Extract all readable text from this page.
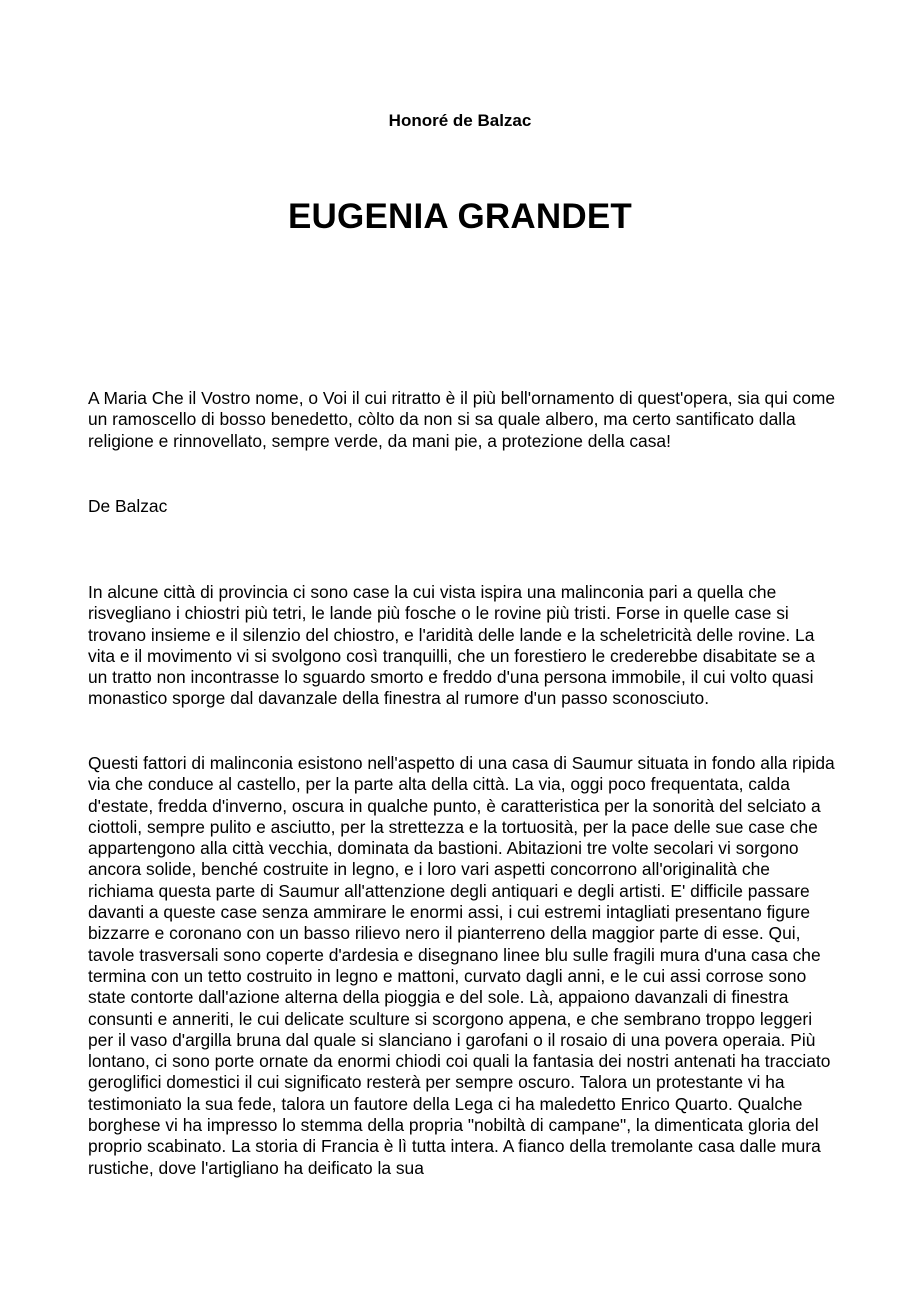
Honoré de Balzac
EUGENIA GRANDET

A Maria Che il Vostro nome, o Voi il cui ritratto è il più bell'ornamento di quest'opera, sia qui come un ramoscello di bosso benedetto, còlto da non si sa quale albero, ma certo santificato dalla religione e rinnovellato, sempre verde, da mani pie, a protezione della casa!

De Balzac

In alcune città di provincia ci sono case la cui vista ispira una malinconia pari a quella che risvegliano i chiostri più tetri, le lande più fosche o le rovine più tristi. Forse in quelle case si trovano insieme e il silenzio del chiostro, e l'aridità delle lande e la scheletricità delle rovine. La vita e il movimento vi si svolgono così tranquilli, che un forestiero le crederebbe disabitate se a un tratto non incontrasse lo sguardo smorto e freddo d'una persona immobile, il cui volto quasi monastico sporge dal davanzale della finestra al rumore d'un passo sconosciuto.

Questi fattori di malinconia esistono nell'aspetto di una casa di Saumur situata in fondo alla ripida via che conduce al castello, per la parte alta della città. La via, oggi poco frequentata, calda d'estate, fredda d'inverno, oscura in qualche punto, è caratteristica per la sonorità del selciato a ciottoli, sempre pulito e asciutto, per la strettezza e la tortuosità, per la pace delle sue case che appartengono alla città vecchia, dominata da bastioni. Abitazioni tre volte secolari vi sorgono ancora solide, benché costruite in legno, e i loro vari aspetti concorrono all'originalità che richiama questa parte di Saumur all'attenzione degli antiquari e degli artisti. E' difficile passare davanti a queste case senza ammirare le enormi assi, i cui estremi intagliati presentano figure bizzarre e coronano con un basso rilievo nero il pianterreno della maggior parte di esse. Qui, tavole trasversali sono coperte d'ardesia e disegnano linee blu sulle fragili mura d'una casa che termina con un tetto costruito in legno e mattoni, curvato dagli anni, e le cui assi corrose sono state contorte dall'azione alterna della pioggia e del sole. Là, appaiono davanzali di finestra consunti e anneriti, le cui delicate sculture si scorgono appena, e che sembrano troppo leggeri per il vaso d'argilla bruna dal quale si slanciano i garofani o il rosaio di una povera operaia. Più lontano, ci sono porte ornate da enormi chiodi coi quali la fantasia dei nostri antenati ha tracciato geroglifici domestici il cui significato resterà per sempre oscuro. Talora un protestante vi ha testimoniato la sua fede, talora un fautore della Lega ci ha maledetto Enrico Quarto. Qualche borghese vi ha impresso lo stemma della propria "nobiltà di campane", la dimenticata gloria del proprio scabinato. La storia di Francia è lì tutta intera. A fianco della tremolante casa dalle mura rustiche, dove l'artigliano ha deificato la sua
